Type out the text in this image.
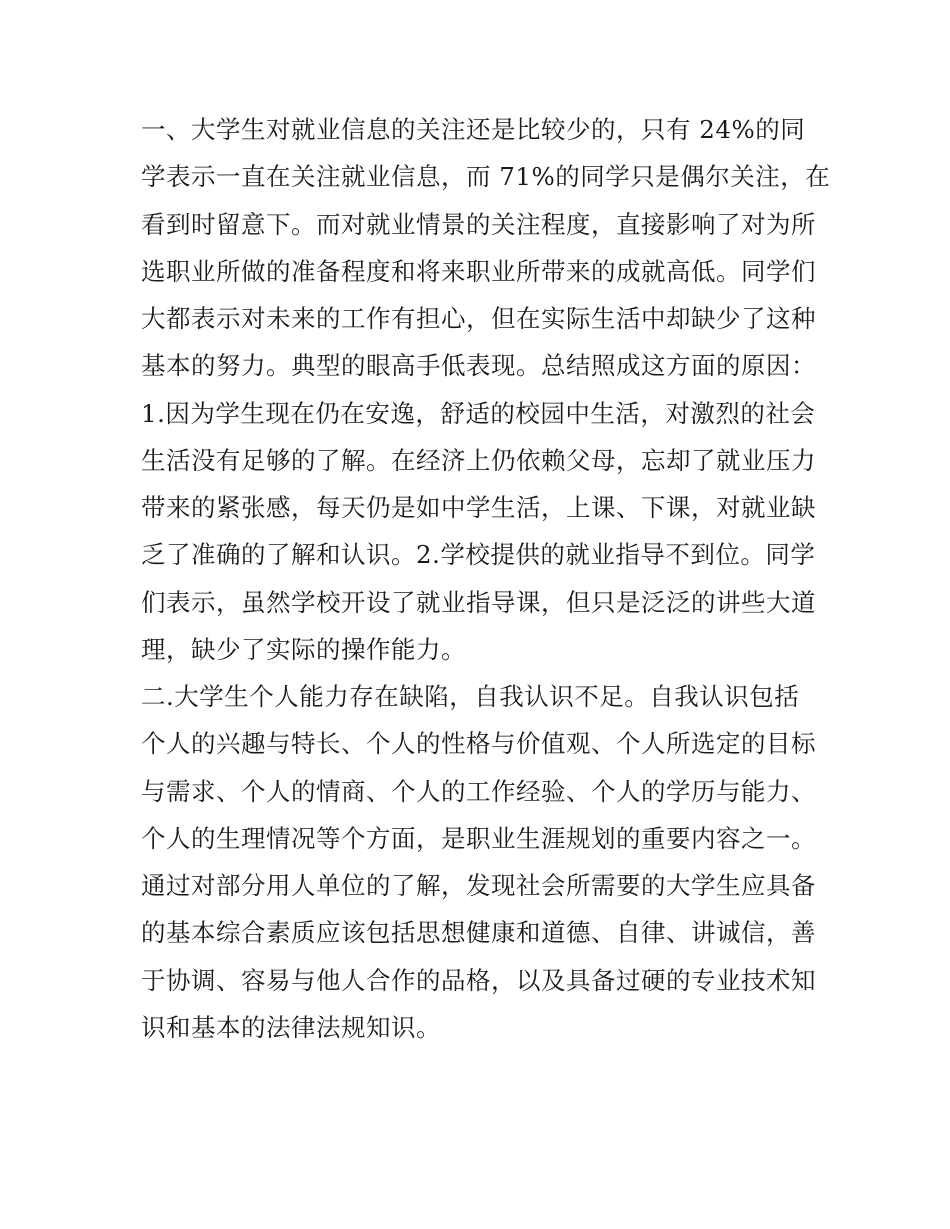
一、大学生对就业信息的关注还是比较少的，只有 24%的同
学表示一直在关注就业信息，而 71%的同学只是偶尔关注，在
看到时留意下。而对就业情景的关注程度，直接影响了对为所
选职业所做的准备程度和将来职业所带来的成就高低。同学们
大都表示对未来的工作有担心，但在实际生活中却缺少了这种
基本的努力。典型的眼高手低表现。总结照成这方面的原因：
1.因为学生现在仍在安逸，舒适的校园中生活，对激烈的社会
生活没有足够的了解。在经济上仍依赖父母，忘却了就业压力
带来的紧张感，每天仍是如中学生活，上课、下课，对就业缺
乏了准确的了解和认识。2.学校提供的就业指导不到位。同学
们表示，虽然学校开设了就业指导课，但只是泛泛的讲些大道
理，缺少了实际的操作能力。
二.大学生个人能力存在缺陷，自我认识不足。自我认识包括
个人的兴趣与特长、个人的性格与价值观、个人所选定的目标
与需求、个人的情商、个人的工作经验、个人的学历与能力、
个人的生理情况等个方面，是职业生涯规划的重要内容之一。
通过对部分用人单位的了解，发现社会所需要的大学生应具备
的基本综合素质应该包括思想健康和道德、自律、讲诚信，善
于协调、容易与他人合作的品格，以及具备过硬的专业技术知
识和基本的法律法规知识。
